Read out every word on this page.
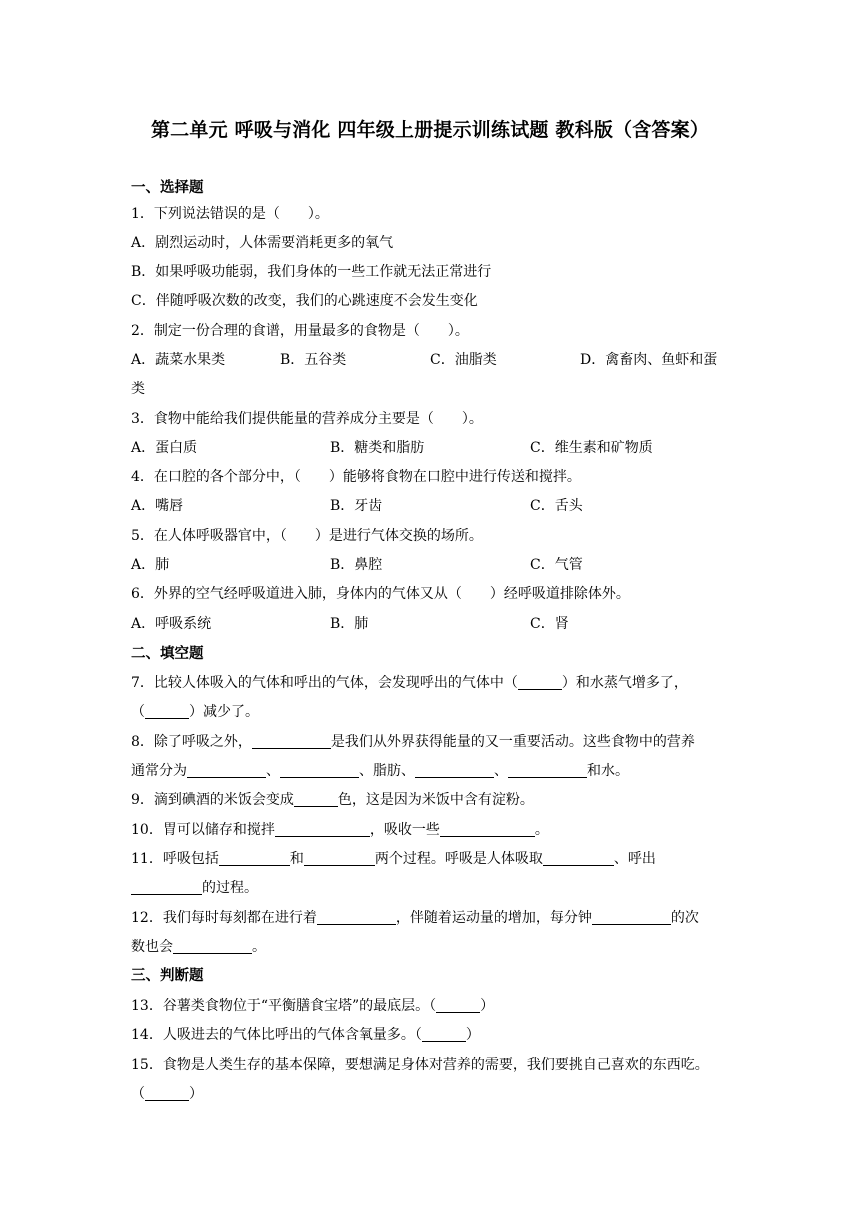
第二单元 呼吸与消化 四年级上册提示训练试题 教科版（含答案）
一、选择题
1．下列说法错误的是（　　）。
A．剧烈运动时，人体需要消耗更多的氧气
B．如果呼吸功能弱，我们身体的一些工作就无法正常进行
C．伴随呼吸次数的改变，我们的心跳速度不会发生变化
2．制定一份合理的食谱，用量最多的食物是（　　）。
A．蔬菜水果类	B．五谷类	C．油脂类	D．禽畜肉、鱼虾和蛋
类
3．食物中能给我们提供能量的营养成分主要是（　　）。
A．蛋白质	B．糖类和脂肪	C．维生素和矿物质
4．在口腔的各个部分中，（　　）能够将食物在口腔中进行传送和搅拌。
A．嘴唇	B．牙齿	C．舌头
5．在人体呼吸器官中，（　　）是进行气体交换的场所。
A．肺	B．鼻腔	C．气管
6．外界的空气经呼吸道进入肺，身体内的气体又从（　　）经呼吸道排除体外。
A．呼吸系统	B．肺	C．肾
二、填空题
7．比较人体吸入的气体和呼出的气体，会发现呼出的气体中（	）和水蒸气增多了，
（	）减少了。
8．除了呼吸之外，	是我们从外界获得能量的又一重要活动。这些食物中的营养
通常分为	、	、脂肪、	、	和水。
9．滴到碘酒的米饭会变成	色，这是因为米饭中含有淀粉。
10．胃可以储存和搅拌	，吸收一些	。
11．呼吸包括	和	两个过程。呼吸是人体吸取	、呼出
的过程。
12．我们每时每刻都在进行着	，伴随着运动量的增加，每分钟	的次
数也会	。
三、判断题
13．谷薯类食物位于“平衡膳食宝塔”的最底层。（	）
14．人吸进去的气体比呼出的气体含氧量多。（	）
15．食物是人类生存的基本保障，要想满足身体对营养的需要，我们要挑自己喜欢的东西吃。
（	）
